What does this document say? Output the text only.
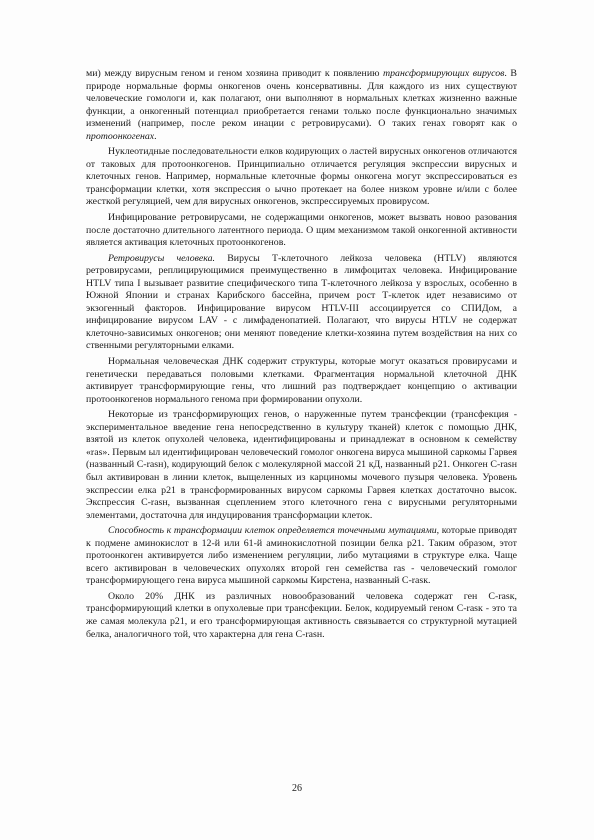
ми) между вирусным геном и геном хозяина приводит к появлению трансформирующих вирусов. В природе нормальные формы онкогенов очень консервативны. Для каждого из них существуют человеческие гомологи и, как полагают, они выполняют в нормальных клетках жизненно важные функции, а онкогенный потенциал приобретается генами только после функционально значимых изменений (например, после реком инации с ретровирусами). О таких генах говорят как о протоонкогенах.

Нуклеотидные последовательности елков кодирующих о ластей вирусных онкогенов отличаются от таковых для протоонкогенов. Принципиально отличается регуляция экспрессии вирусных и клеточных генов. Например, нормальные клеточные формы онкогена могут экспрессироваться ез трансформации клетки, хотя экспрессия о ычно протекает на более низком уровне и/или с более жесткой регуляцией, чем для вирусных онкогенов, экспрессируемых провирусом.

Инфицирование ретровирусами, не содержащими онкогенов, может вызвать новоо разования после достаточно длительного латентного периода. О щим механизмом такой онкогенной активности является активация клеточных протоонкогенов.

Ретровирусы человека. Вирусы Т-клеточного лейкоза человека (HTLV) являются ретровирусами, реплицирующимися преимущественно в лимфоцитах человека. Инфицирование HTLV типа I вызывает развитие специфического типа Т-клеточного лейкоза у взрослых, особенно в Южной Японии и странах Карибского бассейна, причем рост Т-клеток идет независимо от экзогенный факторов. Инфицирование вирусом HTLV-III ассоциируется со СПИДом, а инфицирование вирусом LAV - с лимфаденопатией. Полагают, что вирусы HTLV не содержат клеточно-зависимых онкогенов; они меняют поведение клетки-хозяина путем воздействия на них со ственными регуляторными елками.

Нормальная человеческая ДНК содержит структуры, которые могут оказаться провирусами и генетически передаваться половыми клетками. Фрагментация нормальной клеточной ДНК активирует трансформирующие гены, что лишний раз подтверждает концепцию о активации протоонкогенов нормального генома при формировании опухоли.

Некоторые из трансформирующих генов, о наруженные путем трансфекции (трансфекция - экспериментальное введение гена непосредственно в культуру тканей) клеток с помощью ДНК, взятой из клеток опухолей человека, идентифицированы и принадлежат в основном к семейству «ras». Первым ыл идентифицирован человеческий гомолог онкогена вируса мышиной саркомы Гарвея (названный C-rasн), кодирующий белок с молекулярной массой 21 кД, названный р21. Онкоген C-rasн был активирован в линии клеток, выщеленных из карциномы мочевого пузыря человека. Уровень экспрессии елка р21 в трансформированных вирусом саркомы Гарвея клетках достаточно высок. Экспрессия C-rasн, вызванная сцеплением этого клеточного гена с вирусными регуляторными элементами, достаточна для индуцирования трансформации клеток.

Способность к трансформации клеток определяется точечными мутациями, которые приводят к подмене аминокислот в 12-й или 61-й аминокислотной позиции белка р21. Таким образом, этот протоонкоген активируется либо изменением регуляции, либо мутациями в структуре елка. Чаще всего активирован в человеческих опухолях второй ген семейства ras - человеческий гомолог трансформирующего гена вируса мышиной саркомы Кирстена, названный C-rasк.

Около 20% ДНК из различных новообразований человека содержат ген C-rasк, трансформирующий клетки в опухолевые при трансфекции. Белок, кодируемый геном C-rasк - это та же самая молекула р21, и его трансформирующая активность связывается со структурной мутацией белка, аналогичного той, что характерна для гена C-rasн.

26
